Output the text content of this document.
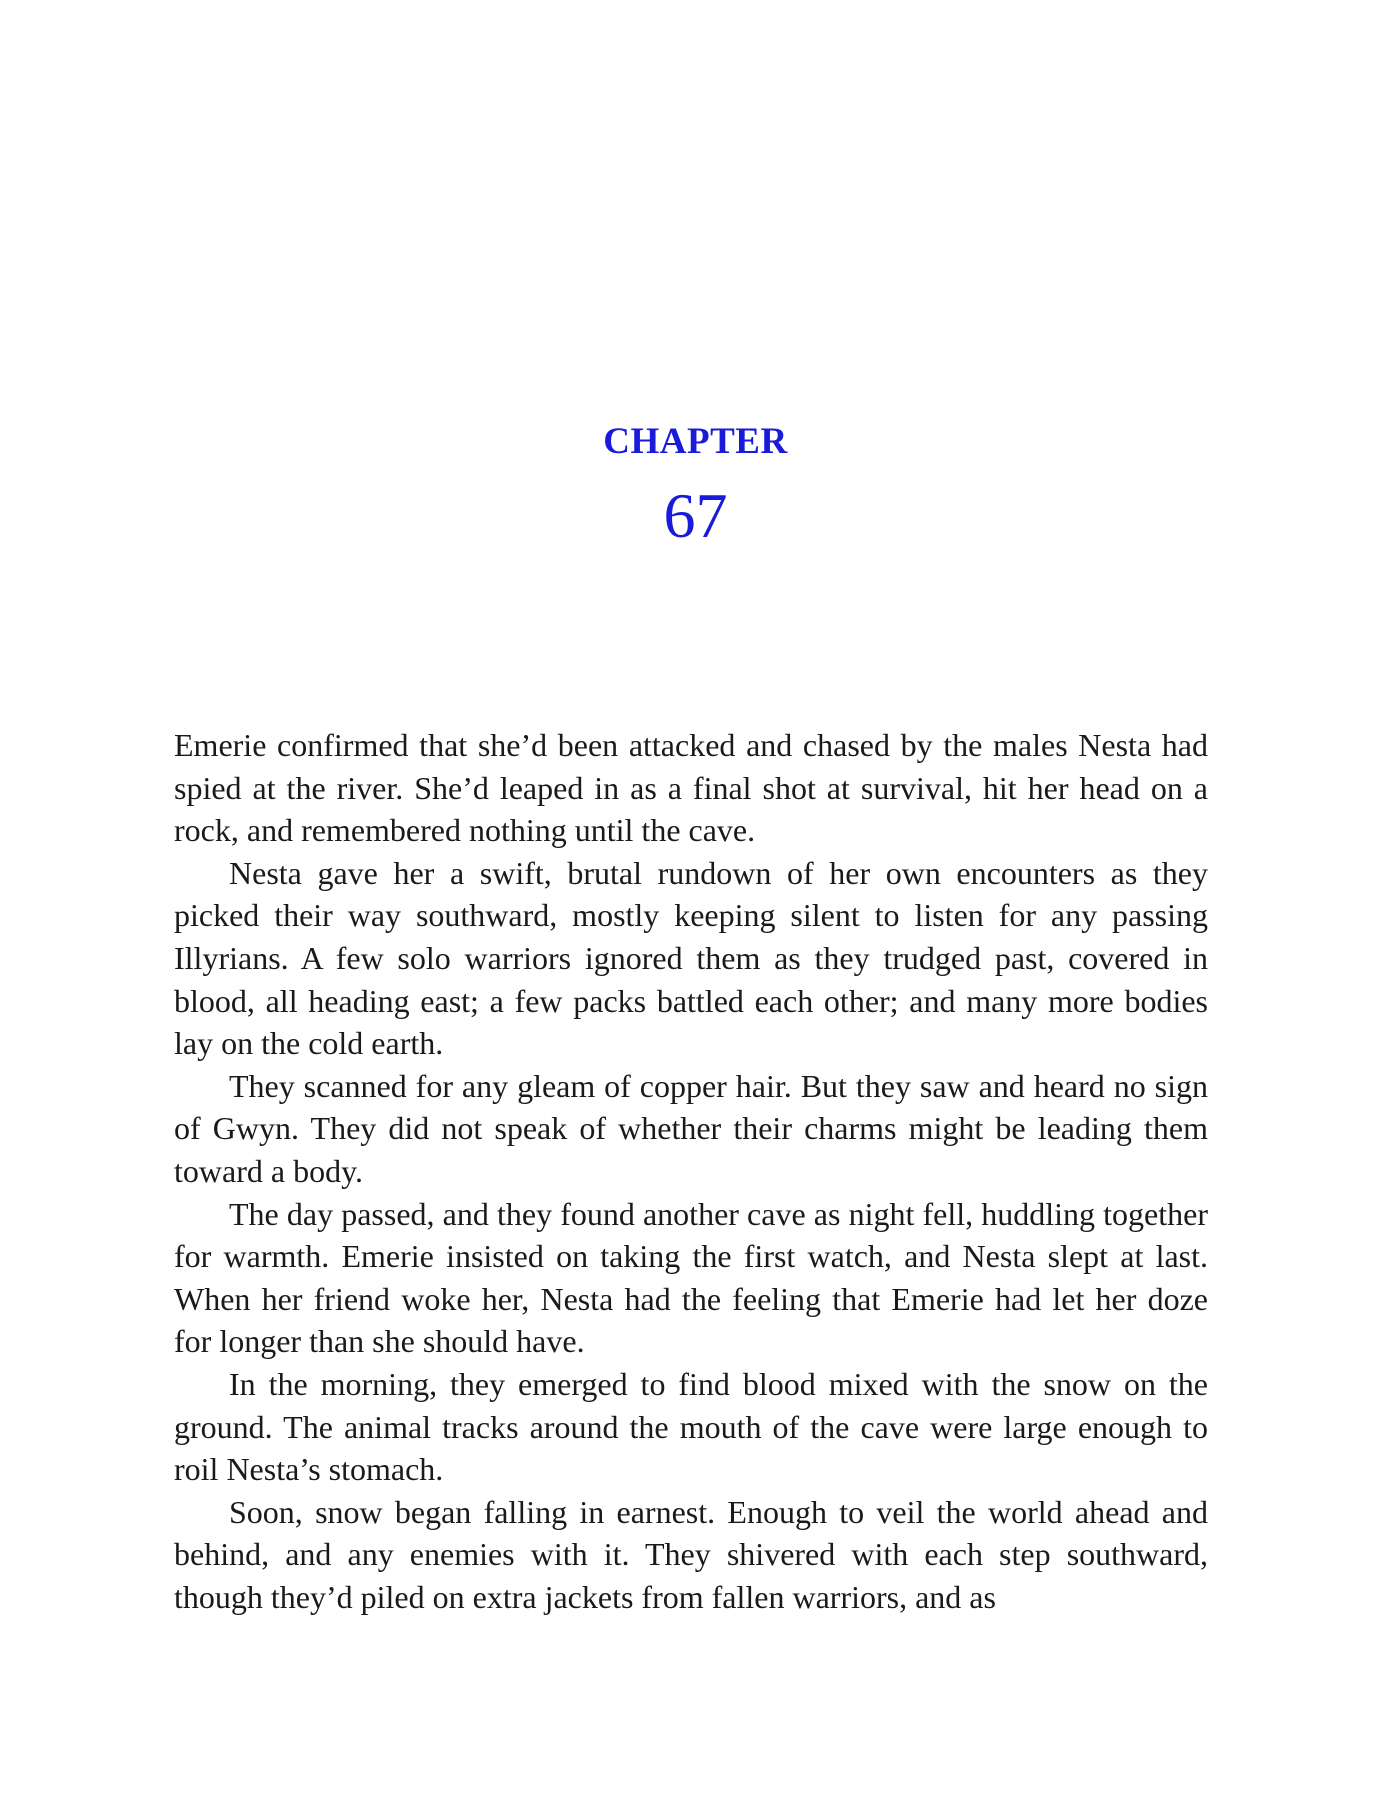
CHAPTER
67

Emerie confirmed that she’d been attacked and chased by the males Nesta had spied at the river. She’d leaped in as a final shot at survival, hit her head on a rock, and remembered nothing until the cave.

Nesta gave her a swift, brutal rundown of her own encounters as they picked their way southward, mostly keeping silent to listen for any passing Illyrians. A few solo warriors ignored them as they trudged past, covered in blood, all heading east; a few packs battled each other; and many more bodies lay on the cold earth.

They scanned for any gleam of copper hair. But they saw and heard no sign of Gwyn. They did not speak of whether their charms might be leading them toward a body.

The day passed, and they found another cave as night fell, huddling together for warmth. Emerie insisted on taking the first watch, and Nesta slept at last. When her friend woke her, Nesta had the feeling that Emerie had let her doze for longer than she should have.

In the morning, they emerged to find blood mixed with the snow on the ground. The animal tracks around the mouth of the cave were large enough to roil Nesta’s stomach.

Soon, snow began falling in earnest. Enough to veil the world ahead and behind, and any enemies with it. They shivered with each step southward, though they’d piled on extra jackets from fallen warriors, and as
